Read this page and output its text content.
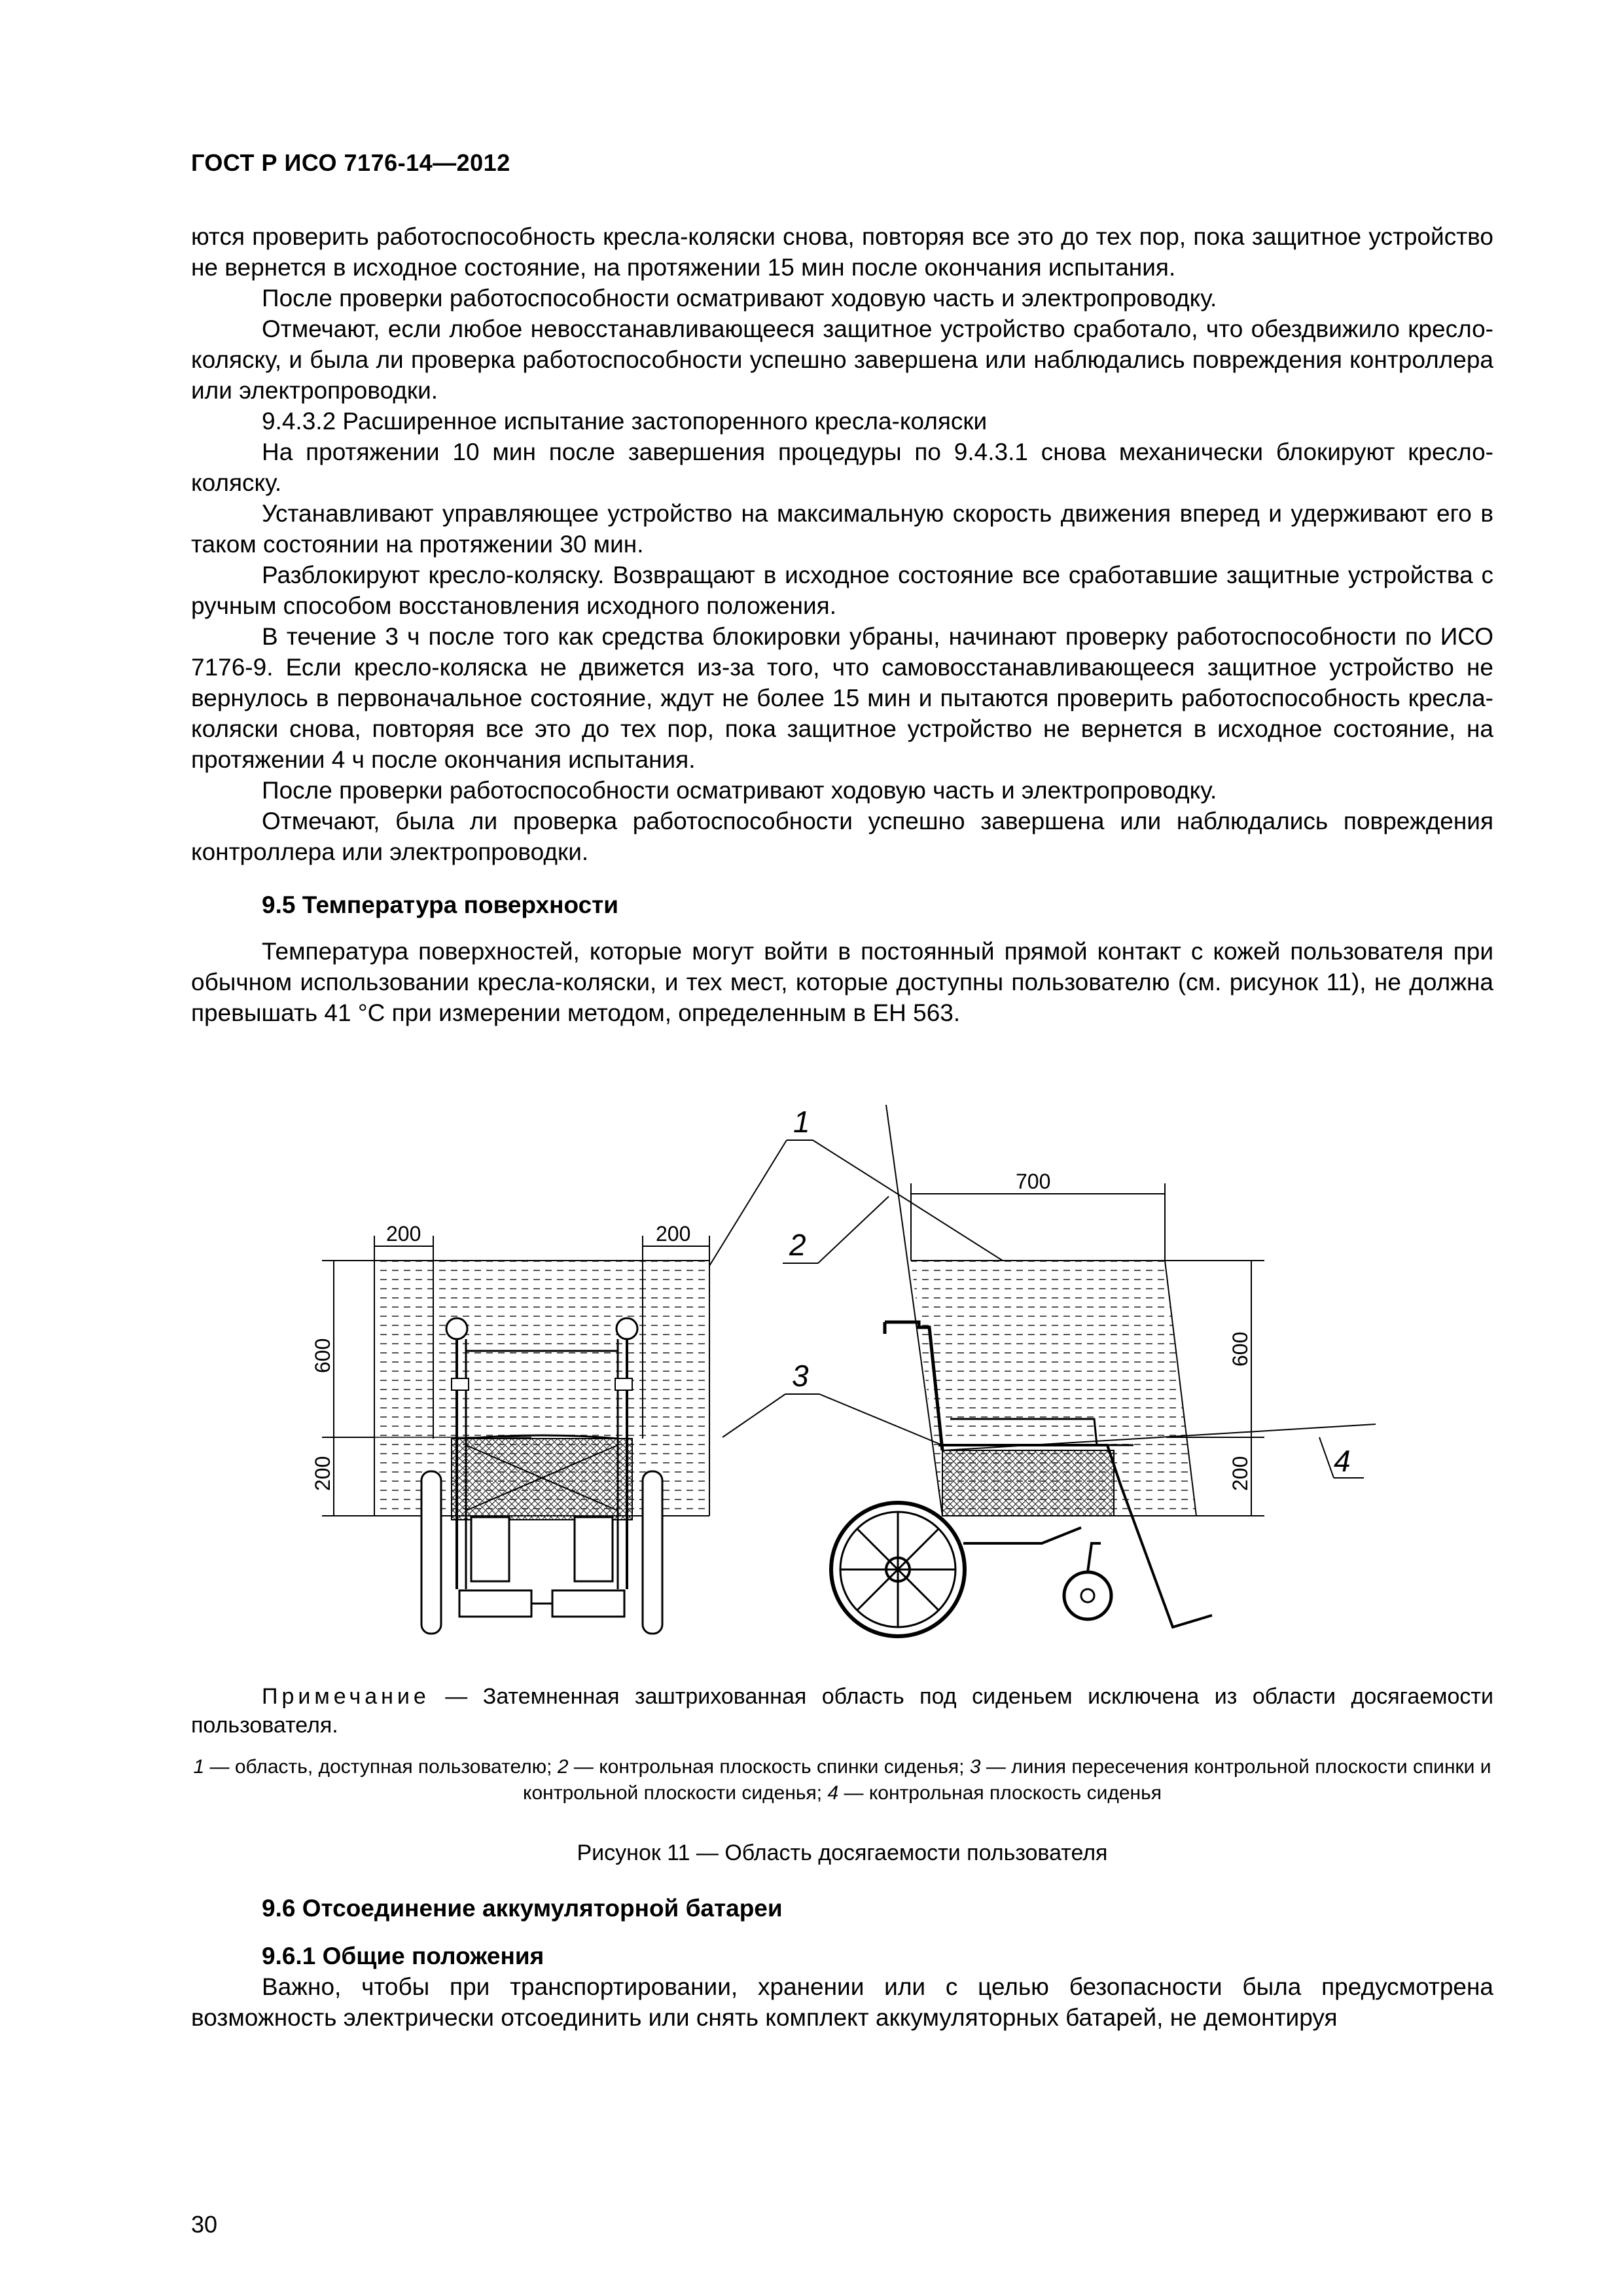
ГОСТ Р ИСО 7176-14—2012

ются проверить работоспособность кресла-коляски снова, повторяя все это до тех пор, пока защитное устройство не вернется в исходное состояние, на протяжении 15 мин после окончания испытания.

После проверки работоспособности осматривают ходовую часть и электропроводку.

Отмечают, если любое невосстанавливающееся защитное устройство сработало, что обездвижило кресло-коляску, и была ли проверка работоспособности успешно завершена или наблюдались повреждения контроллера или электропроводки.

9.4.3.2 Расширенное испытание застопоренного кресла-коляски

На протяжении 10 мин после завершения процедуры по 9.4.3.1 снова механически блокируют кресло-коляску.

Устанавливают управляющее устройство на максимальную скорость движения вперед и удерживают его в таком состоянии на протяжении 30 мин.

Разблокируют кресло-коляску. Возвращают в исходное состояние все сработавшие защитные устройства с ручным способом восстановления исходного положения.

В течение 3 ч после того как средства блокировки убраны, начинают проверку работоспособности по ИСО 7176-9. Если кресло-коляска не движется из-за того, что самовосстанавливающееся защитное устройство не вернулось в первоначальное состояние, ждут не более 15 мин и пытаются проверить работоспособность кресла-коляски снова, повторяя все это до тех пор, пока защитное устройство не вернется в исходное состояние, на протяжении 4 ч после окончания испытания.

После проверки работоспособности осматривают ходовую часть и электропроводку.

Отмечают, была ли проверка работоспособности успешно завершена или наблюдались повреждения контроллера или электропроводки.

9.5 Температура поверхности

Температура поверхностей, которые могут войти в постоянный прямой контакт с кожей пользователя при обычном использовании кресла-коляски, и тех мест, которые доступны пользователю (см. рисунок 11), не должна превышать 41 °С при измерении методом, определенным в ЕН 563.

200	200
600
200
1
2
3
700
600
200	4
Примечание — Затемненная заштрихованная область под сиденьем исключена из области досягаемости пользователя.
1 — область, доступная пользователю; 2 — контрольная плоскость спинки сиденья; 3 — линия пересечения контрольной плоскости спинки и контрольной плоскости сиденья; 4 — контрольная плоскость сиденья
Рисунок 11 — Область досягаемости пользователя

9.6 Отсоединение аккумуляторной батареи

9.6.1 Общие положения

Важно, чтобы при транспортировании, хранении или с целью безопасности была предусмотрена возможность электрически отсоединить или снять комплект аккумуляторных батарей, не демонтируя

30
